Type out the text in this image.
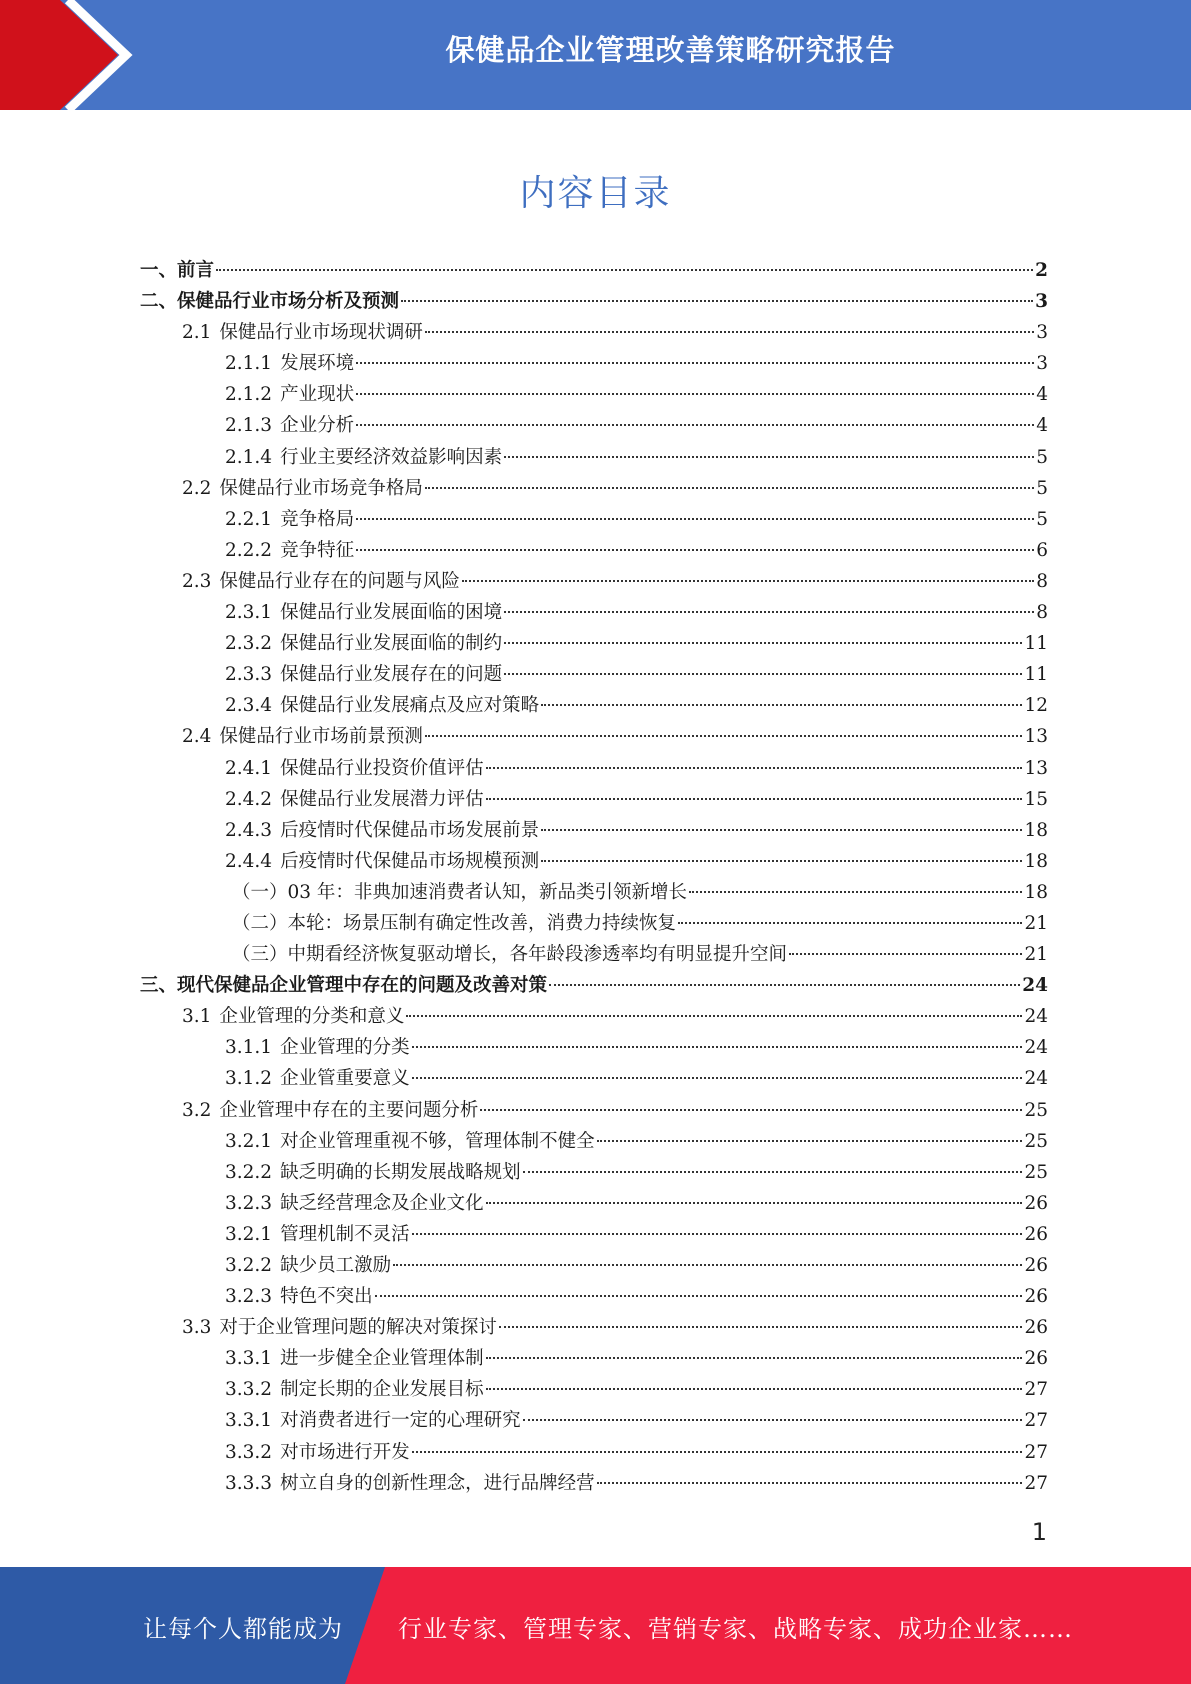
保健品企业管理改善策略研究报告
内容目录
一、 前言	2
二、 保健品行业市场分析及预测	3
2.1 保健品行业市场现状调研	3
2.1.1 发展环境	3
2.1.2 产业现状	4
2.1.3 企业分析	4
2.1.4 行业主要经济效益影响因素	5
2.2 保健品行业市场竞争格局	5
2.2.1 竞争格局	5
2.2.2 竞争特征	6
2.3 保健品行业存在的问题与风险	8
2.3.1 保健品行业发展面临的困境	8
2.3.2 保健品行业发展面临的制约	11
2.3.3 保健品行业发展存在的问题	11
2.3.4 保健品行业发展痛点及应对策略	12
2.4 保健品行业市场前景预测	13
2.4.1 保健品行业投资价值评估	13
2.4.2 保健品行业发展潜力评估	15
2.4.3 后疫情时代保健品市场发展前景	18
2.4.4 后疫情时代保健品市场规模预测	18
（一） 03 年：非典加速消费者认知，新品类引领新增长	18
（二） 本轮：场景压制有确定性改善，消费力持续恢复	21
（三） 中期看经济恢复驱动增长，各年龄段渗透率均有明显提升空间	21
三、 现代保健品企业管理中存在的问题及改善对策	24
3.1 企业管理的分类和意义	24
3.1.1 企业管理的分类	24
3.1.2 企业管重要意义	24
3.2 企业管理中存在的主要问题分析	25
3.2.1 对企业管理重视不够，管理体制不健全	25
3.2.2 缺乏明确的长期发展战略规划	25
3.2.3 缺乏经营理念及企业文化	26
3.2.1 管理机制不灵活	26
3.2.2 缺少员工激励	26
3.2.3 特色不突出	26
3.3 对于企业管理问题的解决对策探讨	26
3.3.1 进一步健全企业管理体制	26
3.3.2 制定长期的企业发展目标	27
3.3.1 对消费者进行一定的心理研究	27
3.3.2 对市场进行开发	27
3.3.3 树立自身的创新性理念，进行品牌经营	27
1
让每个人都能成为 行业专家、管理专家、营销专家、战略专家、成功企业家……
